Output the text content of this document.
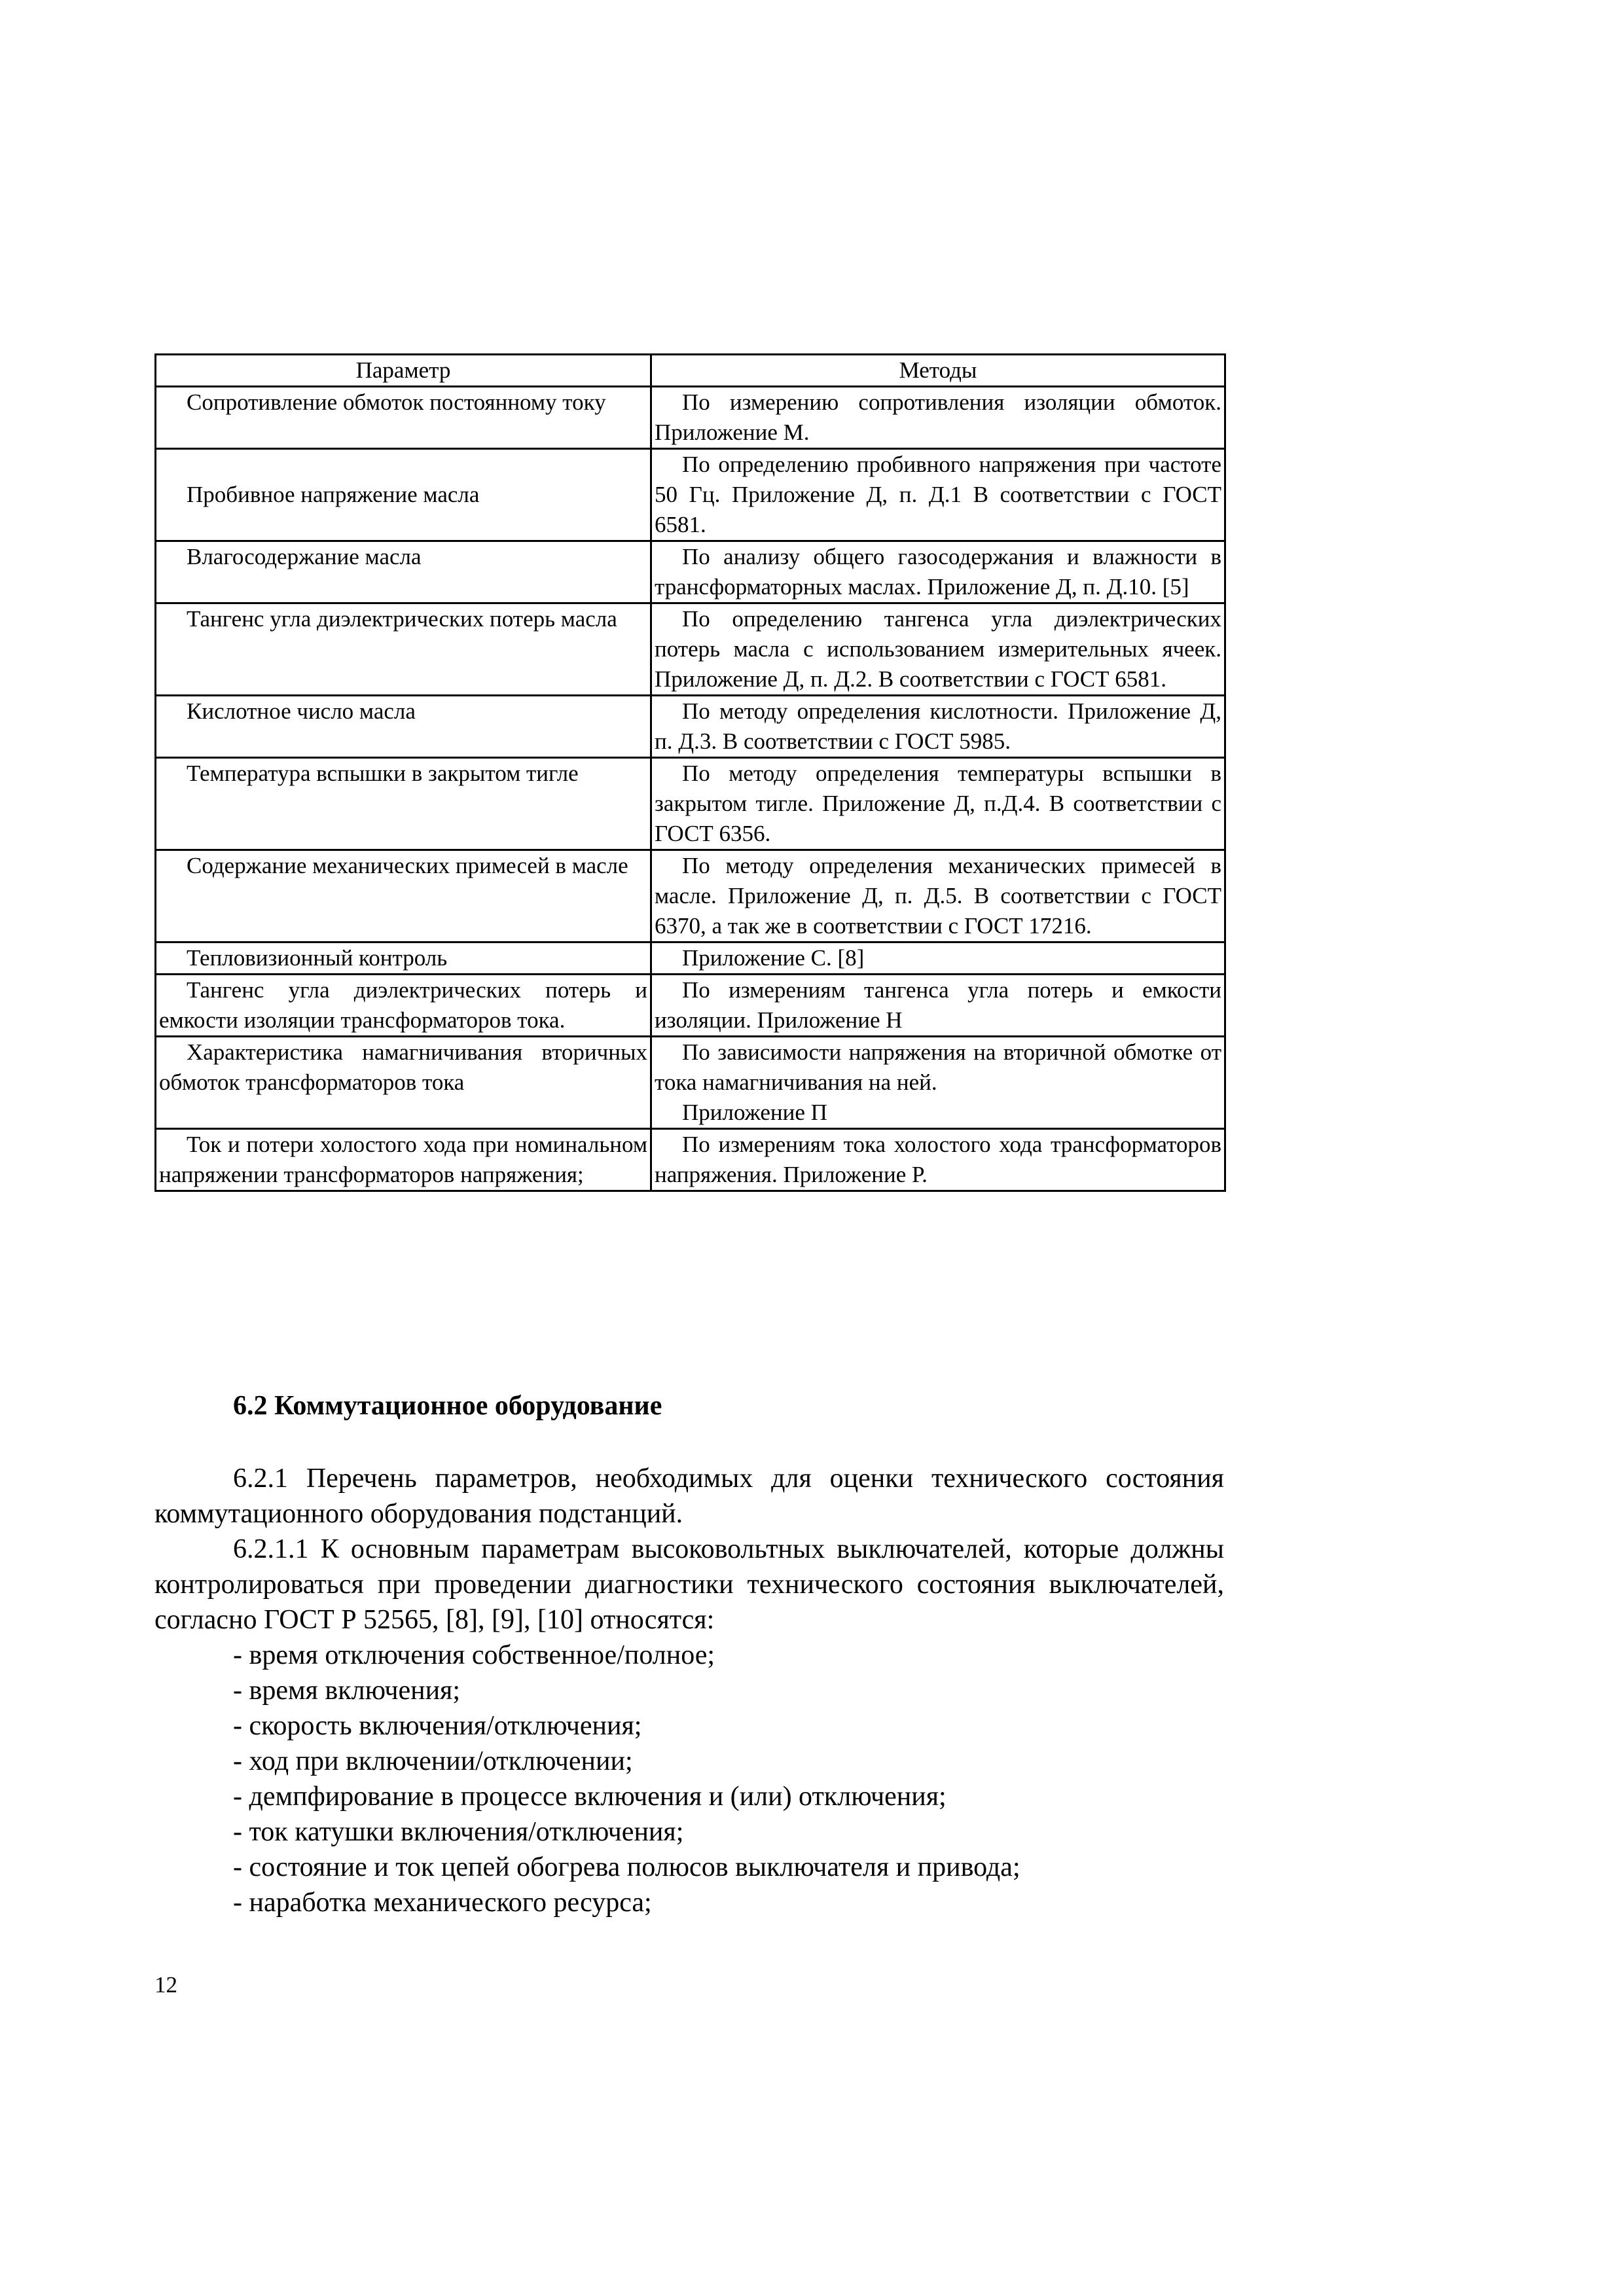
Параметр	Методы
Сопротивление обмоток постоянному току	По измерению сопротивления изоляции обмоток. Приложение М.
Пробивное напряжение масла	По определению пробивного напряжения при частоте 50 Гц. Приложение Д, п. Д.1 В соответствии с ГОСТ 6581.
Влагосодержание масла	По анализу общего газосодержания и влажности в трансформаторных маслах. Приложение Д, п. Д.10. [5]
Тангенс угла диэлектрических потерь масла	По определению тангенса угла диэлектрических потерь масла с использованием измерительных ячеек. Приложение Д, п. Д.2. В соответствии с ГОСТ 6581.
Кислотное число масла	По методу определения кислотности. Приложение Д, п. Д.3. В соответствии с ГОСТ 5985.
Температура вспышки в закрытом тигле	По методу определения температуры вспышки в закрытом тигле. Приложение Д, п.Д.4. В соответствии с ГОСТ 6356.
Содержание механических примесей в масле	По методу определения механических примесей в масле. Приложение Д, п. Д.5. В соответствии с ГОСТ 6370, а так же в соответствии с ГОСТ 17216.
Тепловизионный контроль	Приложение С. [8]
Тангенс угла диэлектрических потерь и емкости изоляции трансформаторов тока.	По измерениям тангенса угла потерь и емкости изоляции. Приложение Н
Характеристика намагничивания вторичных обмоток трансформаторов тока	По зависимости напряжения на вторичной обмотке от тока намагничивания на ней.
Приложение П

Ток и потери холостого хода при номинальном напряжении трансформаторов напряжения;	По измерениям тока холостого хода трансформаторов напряжения. Приложение Р.
6.2 Коммутационное оборудование

6.2.1 Перечень параметров, необходимых для оценки технического состояния коммутационного оборудования подстанций.

6.2.1.1 К основным параметрам высоковольтных выключателей, которые должны контролироваться при проведении диагностики технического состояния выключателей, согласно ГОСТ Р 52565, [8], [9], [10] относятся:

- время отключения собственное/полное;
- время включения;
- скорость включения/отключения;
- ход при включении/отключении;
- демпфирование в процессе включения и (или) отключения;
- ток катушки включения/отключения;
- состояние и ток цепей обогрева полюсов выключателя и привода;
- наработка механического ресурса;
12
